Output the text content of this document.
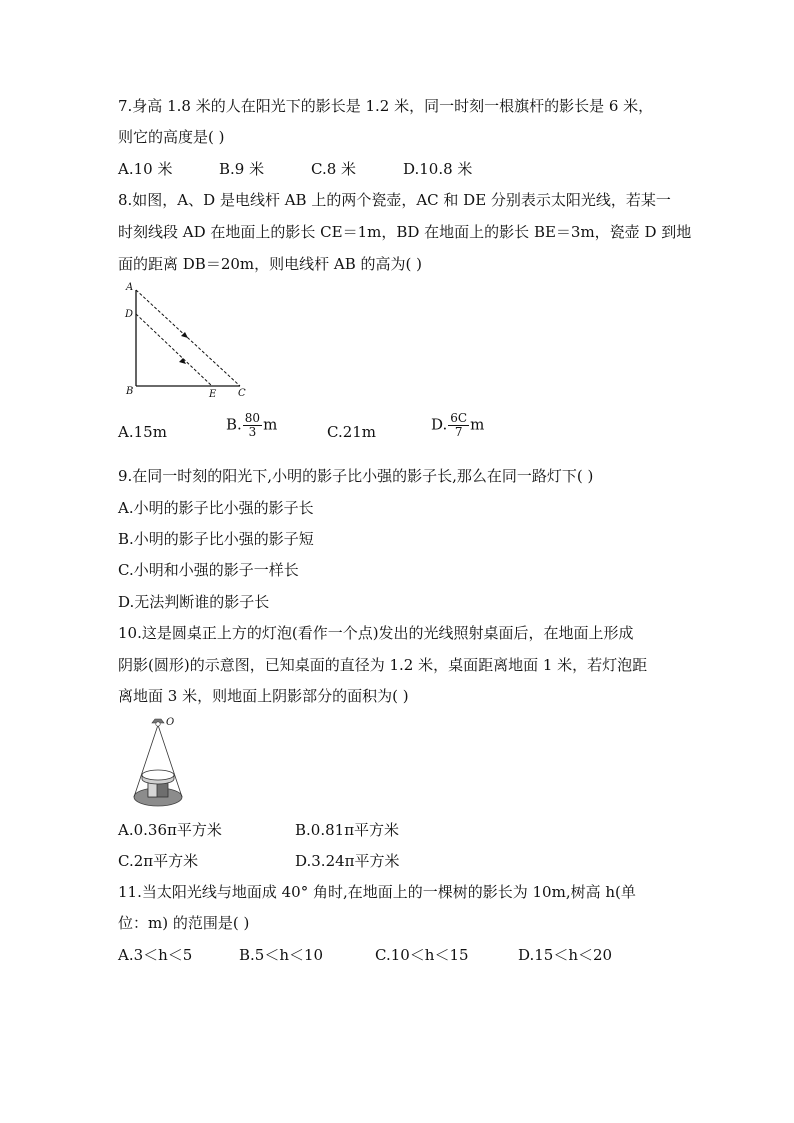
7.身高 1.8 米的人在阳光下的影长是 1.2 米，同一时刻一根旗杆的影长是 6 米，
则它的高度是( )
A.10 米	B.9 米	C.8 米	D.10.8 米
8.如图，A、D 是电线杆 AB 上的两个瓷壶，AC 和 DE 分别表示太阳光线，若某一
时刻线段 AD 在地面上的影长 CE＝1m，BD 在地面上的影长 BE＝3m，瓷壶 D 到地
面的距离 DB＝20m，则电线杆 AB 的高为( )
A
D
B	E C
A.15m	B. $\frac{80}{3}$ m	C.21m	D. $\frac{6C}{7}$ m
9.在同一时刻的阳光下,小明的影子比小强的影子长,那么在同一路灯下( )
A.小明的影子比小强的影子长
B.小明的影子比小强的影子短
C.小明和小强的影子一样长
D.无法判断谁的影子长
10.这是圆桌正上方的灯泡(看作一个点)发出的光线照射桌面后，在地面上形成
阴影(圆形)的示意图，已知桌面的直径为 1.2 米，桌面距离地面 1 米，若灯泡距
离地面 3 米，则地面上阴影部分的面积为( )
O
A.0.36π平方米	B.0.81π平方米
C.2π平方米	D.3.24π平方米
11.当太阳光线与地面成 40° 角时,在地面上的一棵树的影长为 10m,树高 h(单
位：m) 的范围是( )
A.3＜h＜5	B.5＜h＜10	C.10＜h＜15	D.15＜h＜20
